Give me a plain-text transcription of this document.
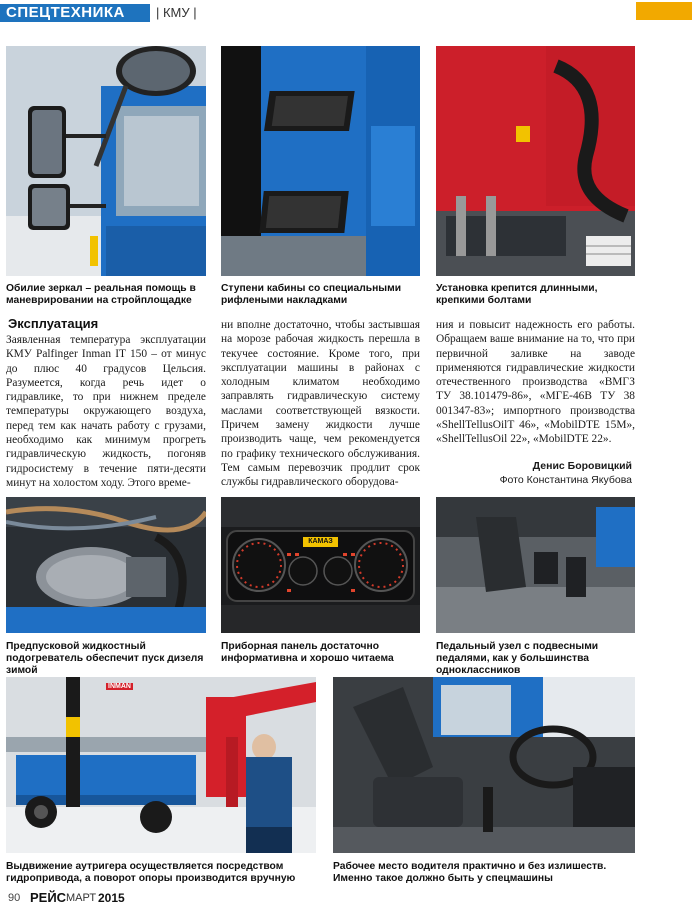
СПЕЦТЕХНИКА | КМУ |
Обилие зеркал – реальная помощь в маневрировании на стройплощадке
Ступени кабины со специальными рифлеными накладками
Установка крепится длинными, крепкими болтами
Эксплуатация

Заявленная температура эксплуатации КМУ Palfinger Inman IT 150 – от минус до плюс 40 градусов Цельсия. Разумеется, когда речь идет о гидравлике, то при нижнем пределе температуры окружающего воздуха, перед тем как начать работу с грузами, необходимо как минимум прогреть гидравлическую жидкость, погоняв гидросистему в течение пяти-десяти минут на холостом ходу. Этого време-

ни вполне достаточно, чтобы застывшая на морозе рабочая жидкость перешла в текучее состояние. Кроме того, при эксплуатации машины в районах с холодным климатом необходимо заправлять гидравлическую систему маслами соответствующей вязкости. Причем замену жидкости лучше производить чаще, чем рекомендуется по графику технического обслуживания. Тем самым перевозчик продлит срок службы гидравлического оборудова-

ния и повысит надежность его работы. Обращаем ваше внимание на то, что при первичной заливке на заводе применяются гидравлические жидкости отечественного производства «ВМГЗ ТУ 38.101479-86», «МГЕ-46В ТУ 38 001347-83»; импортного производства «ShellTellusOilT 46», «MobilDTE 15M», «ShellTellusOil 22», «MobilDTE 22».

Денис Боровицкий
Фото Константина Якубова
Предпусковой жидкостный подогреватель обеспечит пуск дизеля зимой
КАМАЗ
Приборная панель достаточно информативна и хорошо читаема
Педальный узел с подвесными педалями, как у большинства одноклассников
INMAN
Выдвижение аутригера осуществляется посредством гидропривода, а поворот опоры производится вручную
Рабочее место водителя практично и без излишеств. Именно такое должно быть у спецмашины
90 РЕЙС МАРТ 2015
